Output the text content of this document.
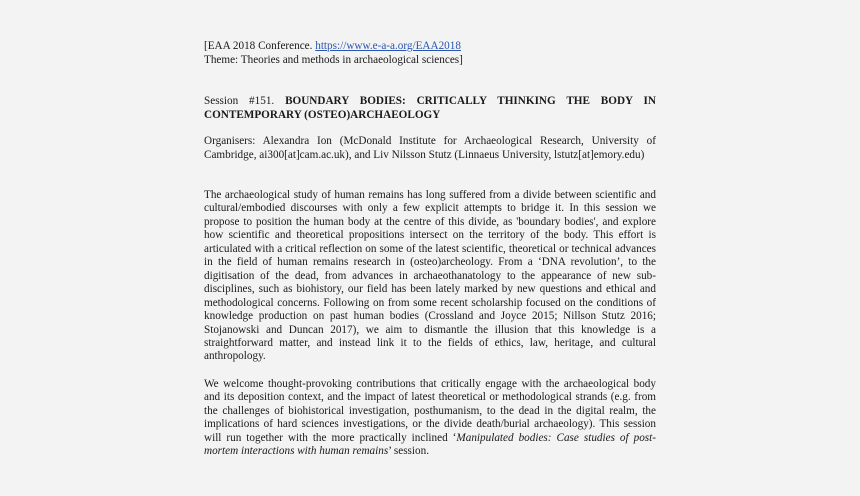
[EAA 2018 Conference. https://www.e-a-a.org/EAA2018
Theme: Theories and methods in archaeological sciences]
Session #151. BOUNDARY BODIES: CRITICALLY THINKING THE BODY IN CONTEMPORARY (OSTEO)ARCHAEOLOGY
Organisers: Alexandra Ion (McDonald Institute for Archaeological Research, University of Cambridge, ai300[at]cam.ac.uk), and Liv Nilsson Stutz (Linnaeus University, lstutz[at]emory.edu)
The archaeological study of human remains has long suffered from a divide between scientific and cultural/embodied discourses with only a few explicit attempts to bridge it. In this session we propose to position the human body at the centre of this divide, as 'boundary bodies', and explore how scientific and theoretical propositions intersect on the territory of the body. This effort is articulated with a critical reflection on some of the latest scientific, theoretical or technical advances in the field of human remains research in (osteo)archeology. From a ‘DNA revolution’, to the digitisation of the dead, from advances in archaeothanatology to the appearance of new sub-disciplines, such as biohistory, our field has been lately marked by new questions and ethical and methodological concerns. Following on from some recent scholarship focused on the conditions of knowledge production on past human bodies (Crossland and Joyce 2015; Nillson Stutz 2016; Stojanowski and Duncan 2017), we aim to dismantle the illusion that this knowledge is a straightforward matter, and instead link it to the fields of ethics, law, heritage, and cultural anthropology.
We welcome thought-provoking contributions that critically engage with the archaeological body and its deposition context, and the impact of latest theoretical or methodological strands (e.g. from the challenges of biohistorical investigation, posthumanism, to the dead in the digital realm, the implications of hard sciences investigations, or the divide death/burial archaeology). This session will run together with the more practically inclined ‘Manipulated bodies: Case studies of post-mortem interactions with human remains’ session.
